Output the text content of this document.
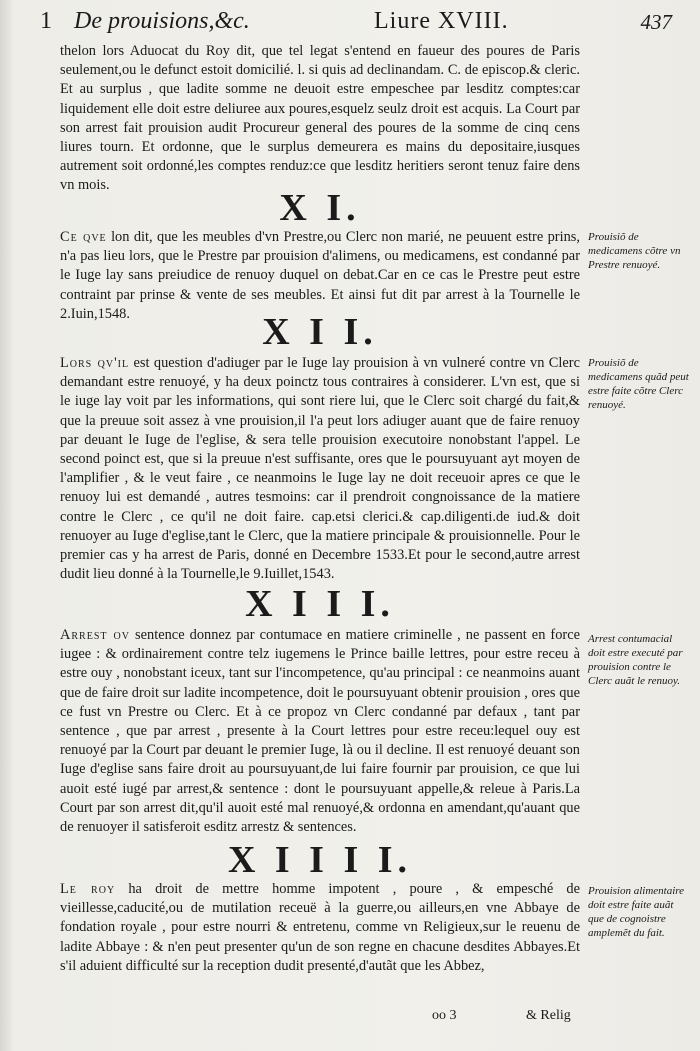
1 De prouisions,&c.	Liure XVIII.	437

thelon lors Aduocat du Roy dit, que tel legat s'entend en faueur des poures de Paris seulement,ou le defunct estoit domicilié. l. si quis ad declinandam. C. de episcop.& cleric. Et au surplus , que ladite somme ne deuoit estre empeschee par lesditz comptes:car liquidement elle doit estre deliuree aux poures,esquelz seulz droit est acquis. La Court par son arrest fait prouision audit Procureur general des poures de la somme de cinq cens liures tourn. Et ordonne, que le surplus demeurera es mains du depositaire,iusques autrement soit ordonné,les comptes renduz:ce que lesditz heritiers seront tenuz faire dens vn mois.

X I.

Ce qve lon dit, que les meubles d'vn Prestre,ou Clerc non marié, ne peuuent estre prins, n'a pas lieu lors, que le Prestre par prouision d'alimens, ou medicamens, est condanné par le Iuge lay sans preiudice de renuoy duquel on debat.Car en ce cas le Prestre peut estre contraint par prinse & vente de ses meubles. Et ainsi fut dit par arrest à la Tournelle le 2.Iuin,1548.

Prouisiõ de medicamens cõtre vn Prestre renuoyé.
X I I.

Lors qv'il est question d'adiuger par le Iuge lay prouision à vn vulneré contre vn Clerc demandant estre renuoyé, y ha deux poinctz tous contraires à considerer. L'vn est, que si le iuge lay voit par les informations, qui sont riere lui, que le Clerc soit chargé du fait,& que la preuue soit assez à vne prouision,il l'a peut lors adiuger auant que de faire renuoy par deuant le Iuge de l'eglise, & sera telle prouision executoire nonobstant l'appel. Le second poinct est, que si la preuue n'est suffisante, ores que le poursuyuant ayt moyen de l'amplifier , & le veut faire , ce neanmoins le Iuge lay ne doit receuoir apres ce que le renuoy lui est demandé , autres tesmoins: car il prendroit congnoissance de la matiere contre le Clerc , ce qu'il ne doit faire. cap.etsi clerici.& cap.diligenti.de iud.& doit renuoyer au Iuge d'eglise,tant le Clerc, que la matiere principale & prouisionnelle. Pour le premier cas y ha arrest de Paris, donné en Decembre 1533.Et pour le second,autre arrest dudit lieu donné à la Tournelle,le 9.Iuillet,1543.

Prouisiõ de medicamens quãd peut estre faite cõtre Clerc renuoyé.
X I I I.

Arrest ov sentence donnez par contumace en matiere criminelle , ne passent en force iugee : & ordinairement contre telz iugemens le Prince baille lettres, pour estre receu à estre ouy , nonobstant iceux, tant sur l'incompetence, qu'au principal : ce neanmoins auant que de faire droit sur ladite incompetence, doit le poursuyuant obtenir prouision , ores que ce fust vn Prestre ou Clerc. Et à ce propoz vn Clerc condanné par defaux , tant par sentence , que par arrest , presente à la Court lettres pour estre receu:lequel ouy est renuoyé par la Court par deuant le premier Iuge, là ou il decline. Il est renuoyé deuant son Iuge d'eglise sans faire droit au poursuyuant,de lui faire fournir par prouision, ce que lui auoit esté iugé par arrest,& sentence : dont le poursuyuant appelle,& releue à Paris.La Court par son arrest dit,qu'il auoit esté mal renuoyé,& ordonna en amendant,qu'auant que de renuoyer il satisferoit esditz arrestz & sentences.

Arrest contumacial doit estre executé par prouision contre le Clerc auãt le renuoy.
X I I I I.

Le roy ha droit de mettre homme impotent , poure , & empesché de vieillesse,caducité,ou de mutilation receuë à la guerre,ou ailleurs,en vne Abbaye de fondation royale , pour estre nourri & entretenu, comme vn Religieux,sur le reuenu de ladite Abbaye : & n'en peut presenter qu'un de son regne en chacune desdites Abbayes.Et s'il aduient difficulté sur la reception dudit presenté,d'autãt que les Abbez,

Prouision alimentaire doit estre faite auãt que de cognoistre amplemẽt du fait.
oo 3	& Relig
